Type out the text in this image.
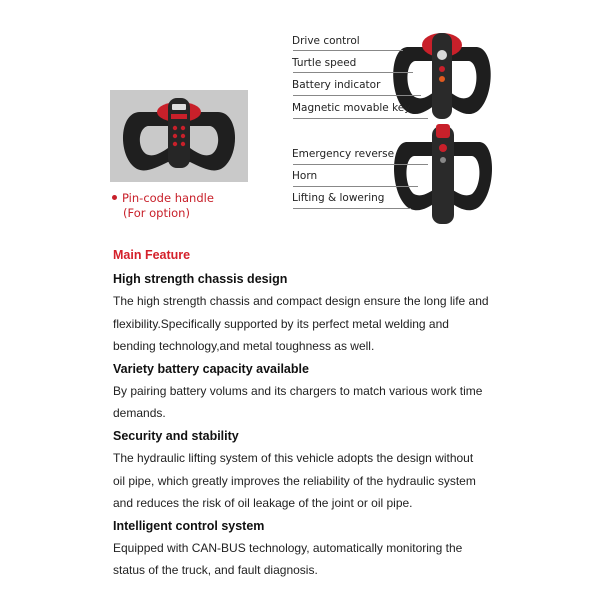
Pin-code handle
(For option)
Drive control
Turtle speed
Battery indicator
Magnetic movable key
Emergency reverse
Horn
Lifting & lowering
Main Feature
High strength chassis design
The high strength chassis and compact design ensure the long life and
flexibility.Specifically supported by its perfect metal welding and
bending technology,and metal toughness as well.
Variety battery capacity available
By pairing battery volums and its chargers to match various work time
demands.
Security and stability
The hydraulic lifting system of this vehicle adopts the design without
oil pipe, which greatly improves the reliability of the hydraulic system
and reduces the risk of oil leakage of the joint or oil pipe.
Intelligent control system
Equipped with CAN-BUS technology, automatically monitoring the
status of the truck, and fault diagnosis.
